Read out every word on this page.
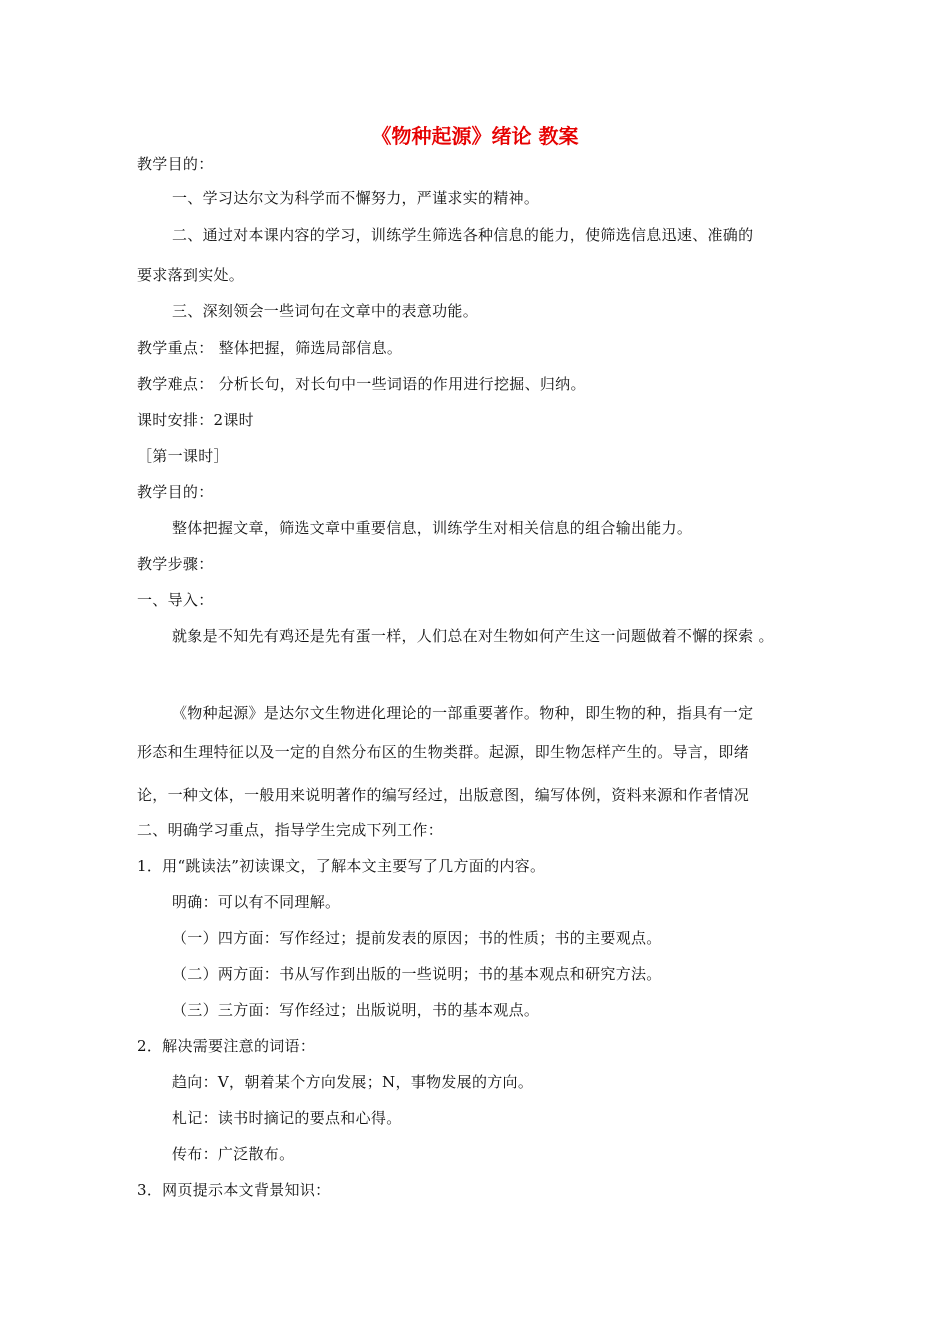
《物种起源》绪论 教案
教学目的：
一、学习达尔文为科学而不懈努力，严谨求实的精神。
二、通过对本课内容的学习，训练学生筛选各种信息的能力，使筛选信息迅速、准确的
要求落到实处。
三、深刻领会一些词句在文章中的表意功能。
教学重点： 整体把握，筛选局部信息。
教学难点： 分析长句，对长句中一些词语的作用进行挖掘、归纳。
课时安排：2课时
［第一课时］
教学目的：
整体把握文章，筛选文章中重要信息，训练学生对相关信息的组合输出能力。
教学步骤：
一、导入：
就象是不知先有鸡还是先有蛋一样，人们总在对生物如何产生这一问题做着不懈的探索 。
《物种起源》是达尔文生物进化理论的一部重要著作。物种，即生物的种，指具有一定
形态和生理特征以及一定的自然分布区的生物类群。起源，即生物怎样产生的。导言，即绪
论，一种文体，一般用来说明著作的编写经过，出版意图，编写体例，资料来源和作者情况
二、明确学习重点，指导学生完成下列工作：
1．用“跳读法”初读课文，了解本文主要写了几方面的内容。
明确：可以有不同理解。
（一）四方面：写作经过；提前发表的原因；书的性质；书的主要观点。
（二）两方面：书从写作到出版的一些说明；书的基本观点和研究方法。
（三）三方面：写作经过；出版说明，书的基本观点。
2．解决需要注意的词语：
趋向：V，朝着某个方向发展；N，事物发展的方向。
札记：读书时摘记的要点和心得。
传布：广泛散布。
3．网页提示本文背景知识：
